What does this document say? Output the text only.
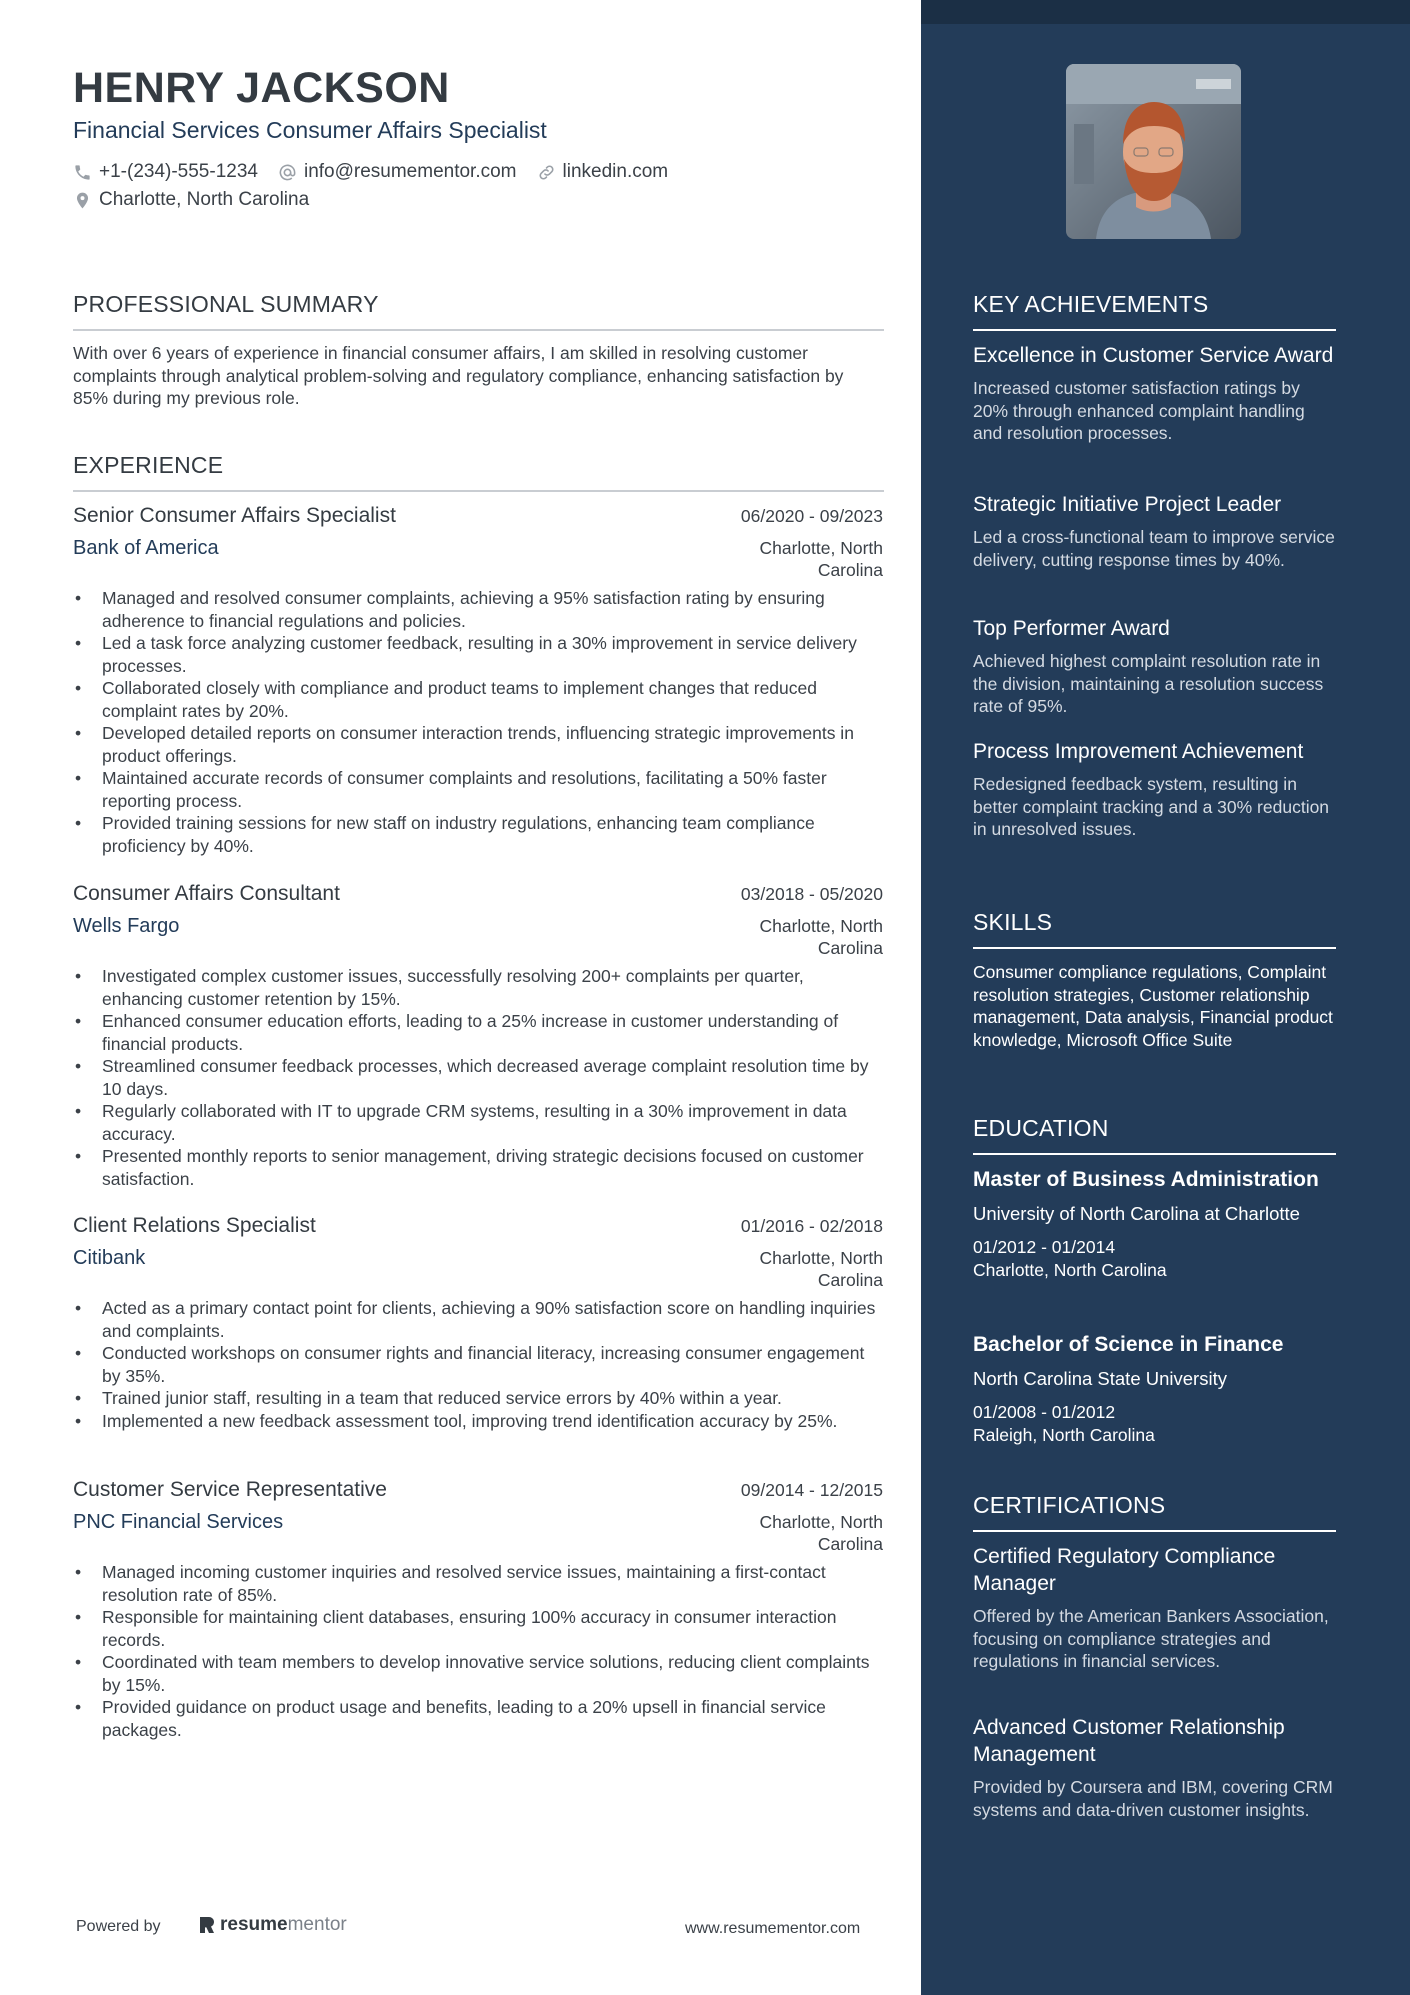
HENRY JACKSON
Financial Services Consumer Affairs Specialist
+1-(234)-555-1234 info@resumementor.com linkedin.com
Charlotte, North Carolina
PROFESSIONAL SUMMARY
With over 6 years of experience in financial consumer affairs, I am skilled in resolving customer complaints through analytical problem-solving and regulatory compliance, enhancing satisfaction by 85% during my previous role.
EXPERIENCE
Senior Consumer Affairs Specialist	06/2020 - 09/2023
Bank of America	Charlotte, North Carolina
• Managed and resolved consumer complaints, achieving a 95% satisfaction rating by ensuring adherence to financial regulations and policies.
• Led a task force analyzing customer feedback, resulting in a 30% improvement in service delivery processes.
• Collaborated closely with compliance and product teams to implement changes that reduced complaint rates by 20%.
• Developed detailed reports on consumer interaction trends, influencing strategic improvements in product offerings.
• Maintained accurate records of consumer complaints and resolutions, facilitating a 50% faster reporting process.
• Provided training sessions for new staff on industry regulations, enhancing team compliance proficiency by 40%.
Consumer Affairs Consultant	03/2018 - 05/2020
Wells Fargo	Charlotte, North Carolina
• Investigated complex customer issues, successfully resolving 200+ complaints per quarter, enhancing customer retention by 15%.
• Enhanced consumer education efforts, leading to a 25% increase in customer understanding of financial products.
• Streamlined consumer feedback processes, which decreased average complaint resolution time by 10 days.
• Regularly collaborated with IT to upgrade CRM systems, resulting in a 30% improvement in data accuracy.
• Presented monthly reports to senior management, driving strategic decisions focused on customer satisfaction.
Client Relations Specialist	01/2016 - 02/2018
Citibank	Charlotte, North Carolina
• Acted as a primary contact point for clients, achieving a 90% satisfaction score on handling inquiries and complaints.
• Conducted workshops on consumer rights and financial literacy, increasing consumer engagement by 35%.
• Trained junior staff, resulting in a team that reduced service errors by 40% within a year.
• Implemented a new feedback assessment tool, improving trend identification accuracy by 25%.
Customer Service Representative	09/2014 - 12/2015
PNC Financial Services	Charlotte, North Carolina
• Managed incoming customer inquiries and resolved service issues, maintaining a first-contact resolution rate of 85%.
• Responsible for maintaining client databases, ensuring 100% accuracy in consumer interaction records.
• Coordinated with team members to develop innovative service solutions, reducing client complaints by 15%.
• Provided guidance on product usage and benefits, leading to a 20% upsell in financial service packages.
Powered by	resume mentor	www.resumementor.com
KEY ACHIEVEMENTS
Excellence in Customer Service Award
Increased customer satisfaction ratings by 20% through enhanced complaint handling and resolution processes.
Strategic Initiative Project Leader
Led a cross-functional team to improve service delivery, cutting response times by 40%.
Top Performer Award
Achieved highest complaint resolution rate in the division, maintaining a resolution success rate of 95%.
Process Improvement Achievement
Redesigned feedback system, resulting in better complaint tracking and a 30% reduction in unresolved issues.
SKILLS
Consumer compliance regulations, Complaint resolution strategies, Customer relationship management, Data analysis, Financial product knowledge, Microsoft Office Suite
EDUCATION
Master of Business Administration
University of North Carolina at Charlotte
01/2012 - 01/2014
Charlotte, North Carolina
Bachelor of Science in Finance
North Carolina State University
01/2008 - 01/2012
Raleigh, North Carolina
CERTIFICATIONS
Certified Regulatory Compliance Manager
Offered by the American Bankers Association, focusing on compliance strategies and regulations in financial services.
Advanced Customer Relationship Management
Provided by Coursera and IBM, covering CRM systems and data-driven customer insights.
